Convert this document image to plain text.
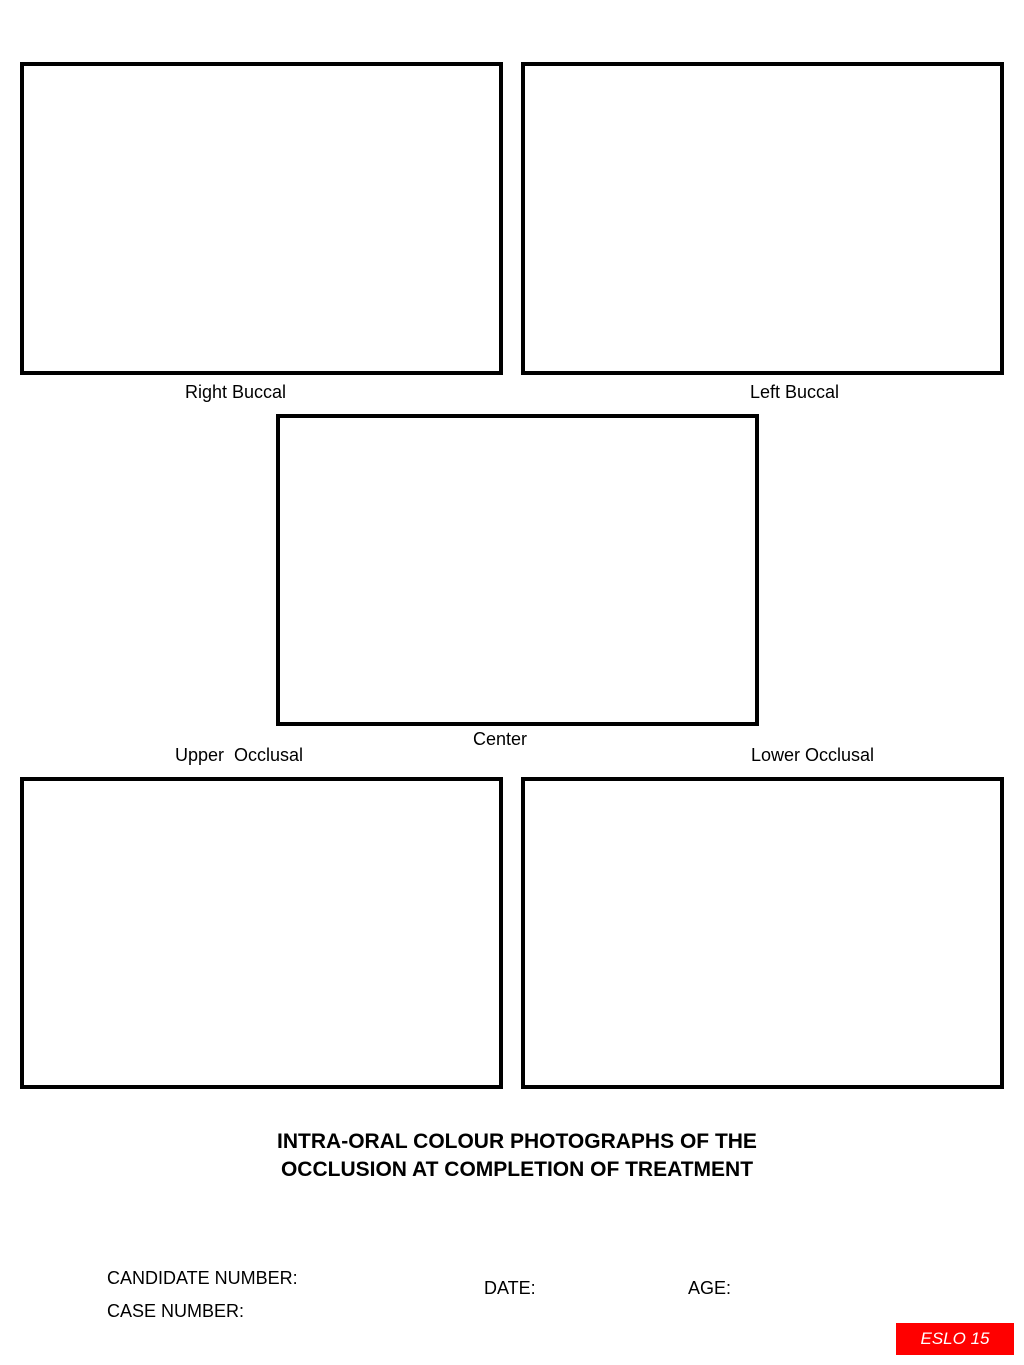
Right Buccal	Left Buccal
Center
Upper  Occlusal	Lower Occlusal
INTRA-ORAL COLOUR PHOTOGRAPHS OF THE
OCCLUSION AT COMPLETION OF TREATMENT
CANDIDATE NUMBER:
CASE NUMBER:
DATE:	AGE:
ESLO 15
